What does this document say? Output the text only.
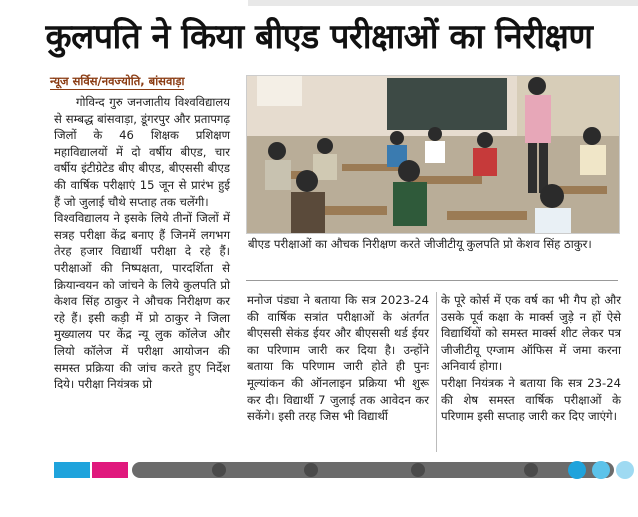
कुलपति ने किया बीएड परीक्षाओं का निरीक्षण
न्यूज सर्विस/नवज्योति, बांसवाड़ा

गोविन्द गुरु जनजातीय विश्वविद्यालय से सम्बद्ध बांसवाड़ा, डूंगरपुर और प्रतापगढ़ जिलों के 46 शिक्षक प्रशिक्षण महाविद्यालयों में दो वर्षीय बीएड, चार वर्षीय इंटीग्रेटेड बीए बीएड, बीएससी बीएड की वार्षिक परीक्षाएं 15 जून से प्रारंभ हुई हैं जो जुलाई चौथे सप्ताह तक चलेंगी।

विश्वविद्यालय ने इसके लिये तीनों जिलों में सत्रह परीक्षा केंद्र बनाए हैं जिनमें लगभग तेरह हजार विद्यार्थी परीक्षा दे रहे हैं। परीक्षाओं की निष्पक्षता, पारदर्शिता से क्रियान्वयन को जांचने के लिये कुलपति प्रो केशव सिंह ठाकुर ने औचक निरीक्षण कर रहे हैं। इसी कड़ी में प्रो ठाकुर ने जिला मुख्यालय पर केंद्र न्यू लुक कॉलेज और लियो कॉलेज में परीक्षा आयोजन की समस्त प्रक्रिया की जांच करते हुए निर्देश दिये। परीक्षा नियंत्रक प्रो

बीएड परीक्षाओं का औचक निरीक्षण करते जीजीटीयू कुलपति प्रो केशव सिंह ठाकुर।

मनोज पंड्या ने बताया कि सत्र 2023-24 की वार्षिक सत्रांत परीक्षाओं के अंतर्गत बीएससी सेकंड ईयर और बीएससी थर्ड ईयर का परिणाम जारी कर दिया है। उन्होंने बताया कि परिणाम जारी होते ही पुनः मूल्यांकन की ऑनलाइन प्रक्रिया भी शुरू कर दी। विद्यार्थी 7 जुलाई तक आवेदन कर सकेंगे। इसी तरह जिस भी विद्यार्थी

के पूरे कोर्स में एक वर्ष का भी गैप हो और उसके पूर्व कक्षा के मार्क्स जुड़े न हों ऐसे विद्यार्थियों को समस्त मार्क्स शीट लेकर पत्र जीजीटीयू एग्जाम ऑफिस में जमा करना अनिवार्य होगा।

परीक्षा नियंत्रक ने बताया कि सत्र 23-24 की शेष समस्त वार्षिक परीक्षाओं के परिणाम इसी सप्ताह जारी कर दिए जाएंगे।
